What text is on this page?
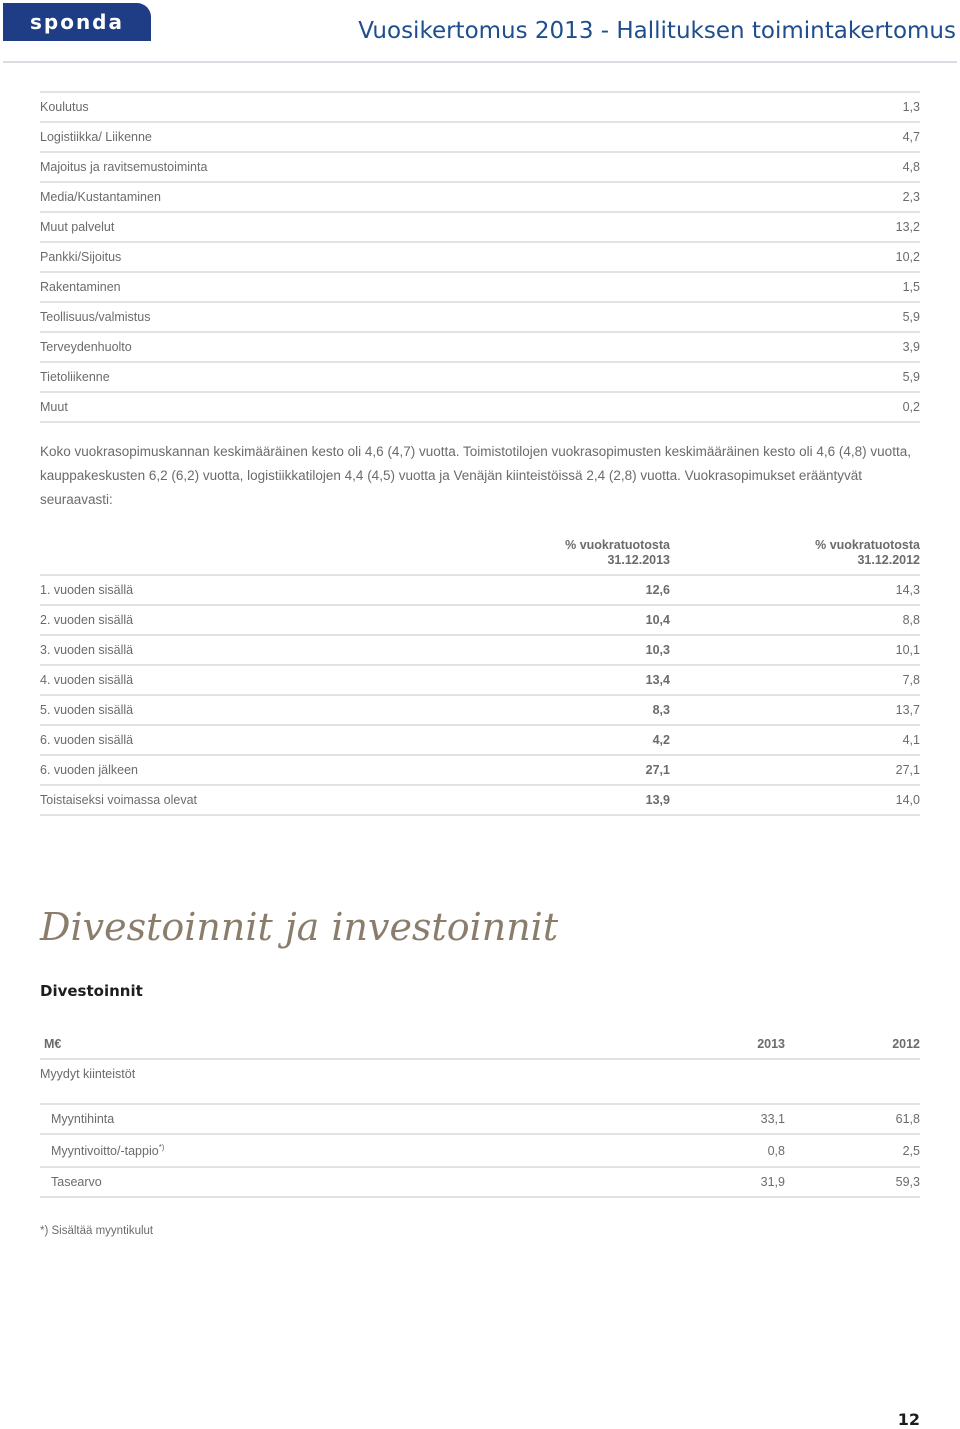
sponda	Vuosikertomus 2013 - Hallituksen toimintakertomus
Koulutus	1,3
Logistiikka/ Liikenne	4,7
Majoitus ja ravitsemustoiminta	4,8
Media/Kustantaminen	2,3
Muut palvelut	13,2
Pankki/Sijoitus	10,2
Rakentaminen	1,5
Teollisuus/valmistus	5,9
Terveydenhuolto	3,9
Tietoliikenne	5,9
Muut	0,2

Koko vuokrasopimuskannan keskimääräinen kesto oli 4,6 (4,7) vuotta. Toimistotilojen vuokrasopimusten keskimääräinen kesto oli 4,6 (4,8) vuotta, kauppakeskusten 6,2 (6,2) vuotta, logistiikkatilojen 4,4 (4,5) vuotta ja Venäjän kiinteistöissä 2,4 (2,8) vuotta. Vuokrasopimukset erääntyvät seuraavasti:

% vuokratuotosta
31.12.2013
% vuokratuotosta
31.12.2012
1. vuoden sisällä	12,6	14,3
2. vuoden sisällä	10,4	8,8
3. vuoden sisällä	10,3	10,1
4. vuoden sisällä	13,4	7,8
5. vuoden sisällä	8,3	13,7
6. vuoden sisällä	4,2	4,1
6. vuoden jälkeen	27,1	27,1
Toistaiseksi voimassa olevat	13,9	14,0
Divestoinnit ja investoinnit
Divestoinnit
M€	2013	2012
Myydyt kiinteistöt
Myyntihinta	33,1	61,8
Myyntivoitto/-tappio*)	0,8	2,5
Tasearvo	31,9	59,3
*) Sisältää myyntikulut
12
